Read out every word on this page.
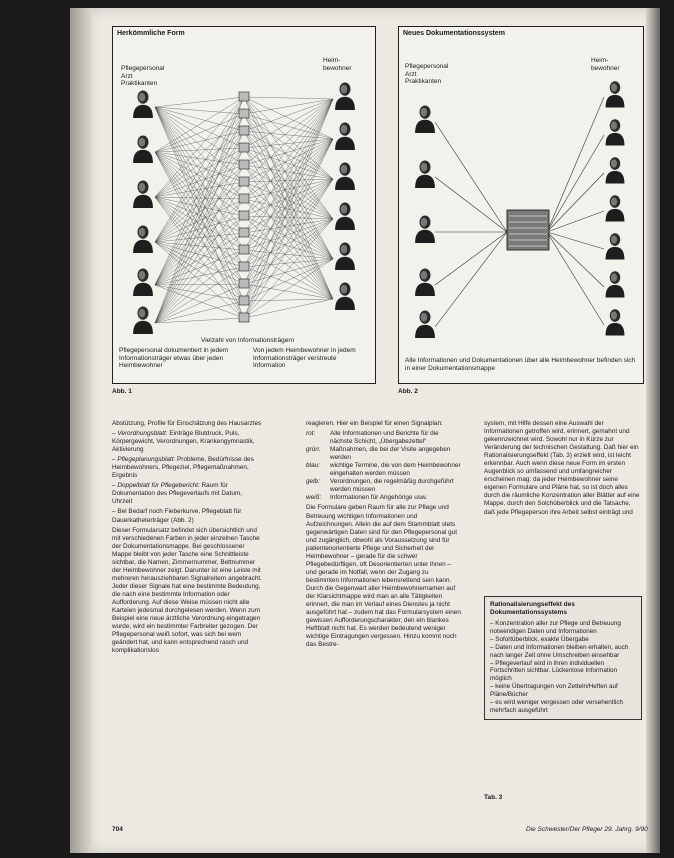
Herkömmliche Form
Pflegepersonal
Arzt
Praktikanten
Heim-
bewohner
Vielzahl von Informationsträgern
Pflegepersonal dokumentiert in jedem Informationsträger etwas über jeden Heimbewohner
Von jedem Heimbewohner in jedem Informationsträger verstreute Information
Abb. 1
Neues Dokumentationssystem
Pflegepersonal
Arzt
Praktikanten
Heim-
bewohner
Alle Informationen und Dokumentationen über alle Heimbewohner befinden sich in einer Dokumentationsmappe
Abb. 2

Abstützung, Profile für Einschätzung des Hausarztes

– Verordnungsblatt: Einträge Blutdruck, Puls, Körpergewicht, Verordnungen, Krankengymnastik, Aktivierung

– Pflegeplanungsblatt: Probleme, Bedürfnisse des Heimbewohners, Pflegeziel, Pflegemaßnahmen, Ergebnis

– Doppelblatt für Pflegebericht: Raum für Dokumentation des Pflegeverlaufs mit Datum, Uhrzeit

– Bei Bedarf noch Fieberkurve, Pflegeblatt für Dauerkatheterträger (Abb. 2)

Dieser Formularsatz befindet sich übersichtlich und mit verschiedenen Farben in jeder einzelnen Tasche der Dokumentationsmappe. Bei geschlossener Mappe bleibt von jeder Tasche eine Schnittleiste sichtbar, die Namen, Zimmernummer, Bettnummer der Heimbewohner zeigt. Darunter ist eine Leiste mit mehreren herausziehbaren Signalreitern angebracht. Jeder dieser Signale hat eine bestimmte Bedeutung, die nach eine bestimmte Information oder Aufforderung. Auf diese Weise müssen nicht alle Karteien jedesmal durchgelesen werden. Wenn zum Beispiel eine neue ärztliche Verordnung eingetragen wurde, wird ein bestimmter Farbreiter gezogen. Der Pflegepersonal weiß sofort, was sich bei wem geändert hat, und kann entsprechend rasch und komplikationslos

reagieren. Hier ein Beispiel für einen Signalplan:

rot:	Alle Informationen und Berichte für die nächste Schicht, „Übergabezettel“
grün:	Maßnahmen, die bei der Visite angegeben werden
blau:	wichtige Termine, die von dem Heimbewohner eingehalten werden müssen
gelb:	Verordnungen, die regelmäßig durchgeführt werden müssen
weiß:	Informationen für Angehörige usw.

Die Formulare geben Raum für alle zur Pflege und Betreuung wichtigen Informationen und Aufzeichnungen. Allein die auf dem Stammblatt stets gegenwärtigen Daten sind für den Pflegepersonal gut und zugänglich, obwohl als Voraussetzung sind für patientenorientierte Pflege und Sicherheit der Heimbewohner – gerade für die schwer Pflegebedürftigen, oft Desorientierten unter ihnen – und gerade im Notfall, wenn der Zugang zu bestimmten Informationen lebensrettend sein kann. Durch die Gegenwart aller Heimbewohnernamen auf der Klarsichtmappe wird man an alle Tätigkeiten erinnert, die man im Verlauf eines Dienstes ja nicht ausgeführt hat – zudem hat das Formularsystem einen gewissen Aufforderungscharakter, den ein blankes Heftblatt nicht hat. Es werden bedeutend weniger wichtige Eintragungen vergessen. Hinzu kommt noch das Bestre-

system, mit Hilfe dessen eine Auswahl der Informationen getroffen wird, erinnert, gemahnt und gekennzeichnet wird. Sowohl nur in Kürze zur Veränderung der technischen Gestaltung. Daß hier ein Rationalisierungseffekt (Tab. 3) erzielt wird, ist leicht erkennbar. Auch wenn diese neue Form im ersten Augenblick so umfassend und umfangreicher erscheinen mag: da jeder Heimbewohner seine eigenen Formulare und Pläne hat, so ist doch alles durch die räumliche Konzentration aller Blätter auf eine Mappe, durch den Solchüberblick und die Tatsache, daß jede Pflegeperson ihre Arbeit selbst einträgt und

Rationalisierungseffekt des Dokumentationssystems
– Konzentration aller zur Pflege und Betreuung notwendigen Daten und Informationen
– Sofortüberblick, exakte Übergabe
– Daten und Informationen bleiben erhalten, auch nach langer Zeit ohne Umschreiben einsehbar
– Pflegeverlauf wird in ihren individuellen Fortschritten sichtbar. Lückenlose Information möglich
– keine Übertragungen von Zetteln/Heften auf Pläne/Bücher
– es wird weniger vergessen oder versehentlich mehrfach ausgeführt
Tab. 3
704	Die Schwester/Der Pfleger 29. Jahrg. 9/90
